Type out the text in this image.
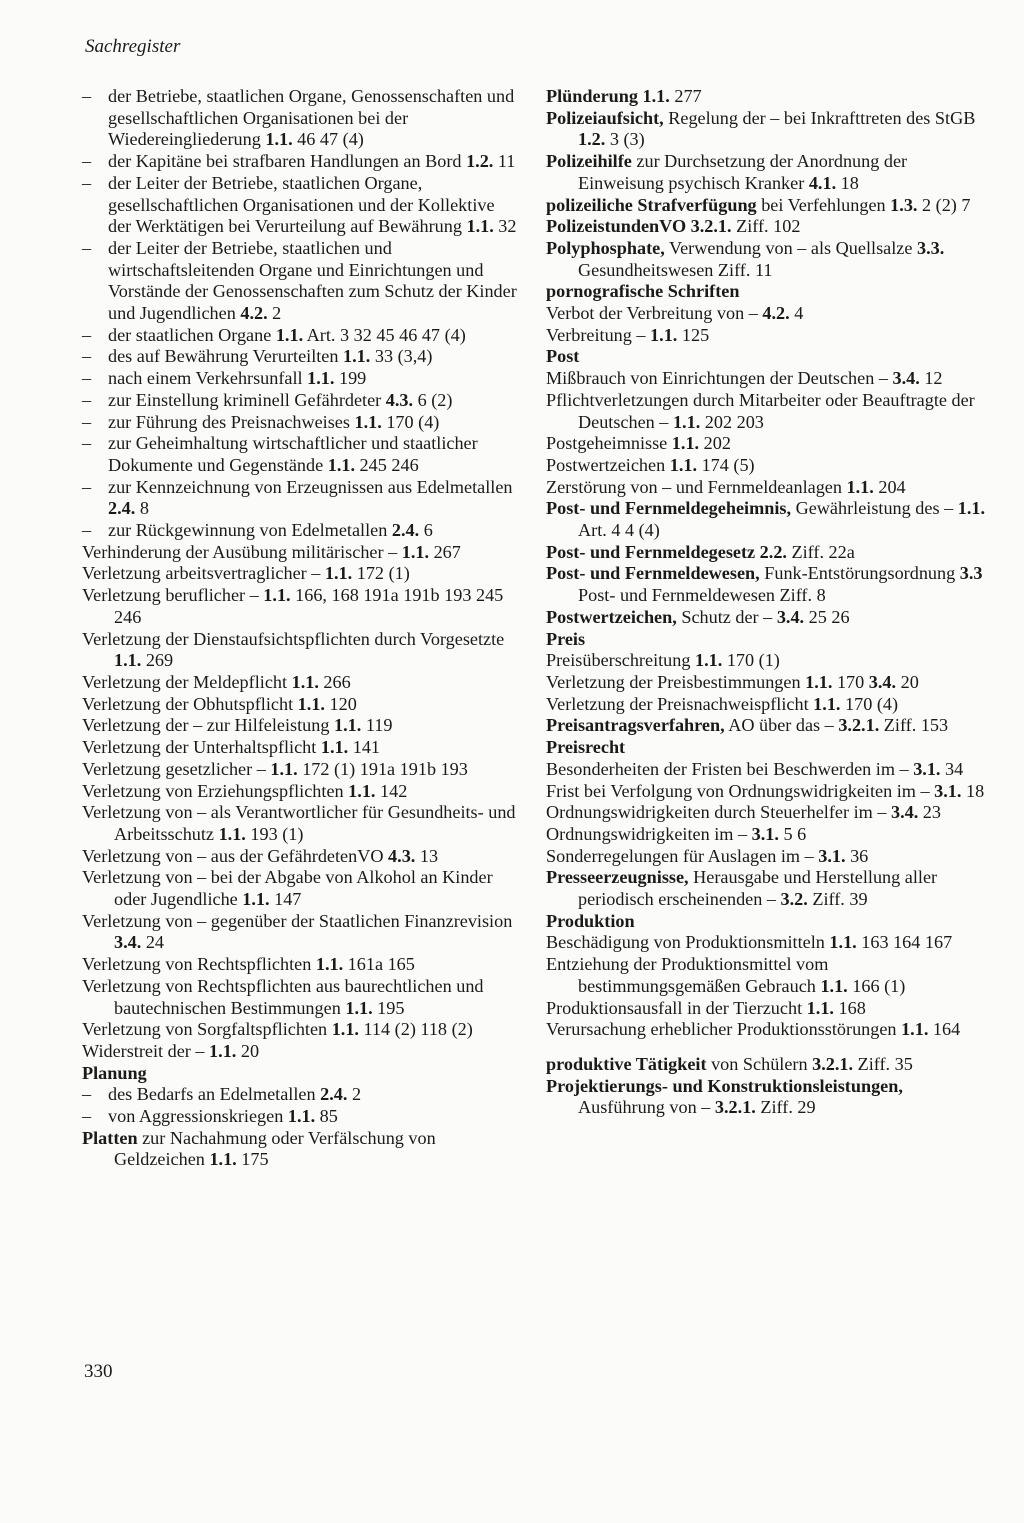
Sachregister
– der Betriebe, staatlichen Organe, Genossenschaften und gesellschaftlichen Organisationen bei der Wiedereingliederung 1.1. 46 47 (4)
– der Kapitäne bei strafbaren Handlungen an Bord 1.2. 11
– der Leiter der Betriebe, staatlichen Organe, gesellschaftlichen Organisationen und der Kollektive der Werktätigen bei Verurteilung auf Bewährung 1.1. 32
– der Leiter der Betriebe, staatlichen und wirtschaftsleitenden Organe und Einrichtungen und Vorstände der Genossenschaften zum Schutz der Kinder und Jugendlichen 4.2. 2
– der staatlichen Organe 1.1. Art. 3 32 45 46 47 (4)
– des auf Bewährung Verurteilten 1.1. 33 (3,4)
– nach einem Verkehrsunfall 1.1. 199
– zur Einstellung kriminell Gefährdeter 4.3. 6 (2)
– zur Führung des Preisnachweises 1.1. 170 (4)
– zur Geheimhaltung wirtschaftlicher und staatlicher Dokumente und Gegenstände 1.1. 245 246
– zur Kennzeichnung von Erzeugnissen aus Edelmetallen 2.4. 8
– zur Rückgewinnung von Edelmetallen 2.4. 6
Verhinderung der Ausübung militärischer – 1.1. 267
Verletzung arbeitsvertraglicher – 1.1. 172 (1)
Verletzung beruflicher – 1.1. 166, 168 191a 191b 193 245 246
Verletzung der Dienstaufsichtspflichten durch Vorgesetzte 1.1. 269
Verletzung der Meldepflicht 1.1. 266
Verletzung der Obhutspflicht 1.1. 120
Verletzung der – zur Hilfeleistung 1.1. 119
Verletzung der Unterhaltspflicht 1.1. 141
Verletzung gesetzlicher – 1.1. 172 (1) 191a 191b 193
Verletzung von Erziehungspflichten 1.1. 142
Verletzung von – als Verantwortlicher für Gesundheits- und Arbeitsschutz 1.1. 193 (1)
Verletzung von – aus der GefährdetenVO 4.3. 13
Verletzung von – bei der Abgabe von Alkohol an Kinder oder Jugendliche 1.1. 147
Verletzung von – gegenüber der Staatlichen Finanzrevision 3.4. 24
Verletzung von Rechtspflichten 1.1. 161a 165
Verletzung von Rechtspflichten aus baurechtlichen und bautechnischen Bestimmungen 1.1. 195
Verletzung von Sorgfaltspflichten 1.1. 114 (2) 118 (2)
Widerstreit der – 1.1. 20
Planung
– des Bedarfs an Edelmetallen 2.4. 2
– von Aggressionskriegen 1.1. 85
Platten zur Nachahmung oder Verfälschung von Geldzeichen 1.1. 175
Plünderung 1.1. 277
Polizeiaufsicht, Regelung der – bei Inkrafttreten des StGB 1.2. 3 (3)
Polizeihilfe zur Durchsetzung der Anordnung der Einweisung psychisch Kranker 4.1. 18
polizeiliche Strafverfügung bei Verfehlungen 1.3. 2 (2) 7
PolizeistundenVO 3.2.1. Ziff. 102
Polyphosphate, Verwendung von – als Quellsalze 3.3. Gesundheitswesen Ziff. 11
pornografische Schriften
Verbot der Verbreitung von – 4.2. 4
Verbreitung – 1.1. 125
Post
Mißbrauch von Einrichtungen der Deutschen – 3.4. 12
Pflichtverletzungen durch Mitarbeiter oder Beauftragte der Deutschen – 1.1. 202 203
Postgeheimnisse 1.1. 202
Postwertzeichen 1.1. 174 (5)
Zerstörung von – und Fernmeldeanlagen 1.1. 204
Post- und Fernmeldegeheimnis, Gewährleistung des – 1.1. Art. 4 4 (4)
Post- und Fernmeldegesetz 2.2. Ziff. 22a
Post- und Fernmeldewesen, Funk-Entstörungsordnung 3.3 Post- und Fernmeldewesen Ziff. 8
Postwertzeichen, Schutz der – 3.4. 25 26
Preis
Preisüberschreitung 1.1. 170 (1)
Verletzung der Preisbestimmungen 1.1. 170 3.4. 20
Verletzung der Preisnachweispflicht 1.1. 170 (4)
Preisantragsverfahren, AO über das – 3.2.1. Ziff. 153
Preisrecht
Besonderheiten der Fristen bei Beschwerden im – 3.1. 34
Frist bei Verfolgung von Ordnungswidrigkeiten im – 3.1. 18
Ordnungswidrigkeiten durch Steuerhelfer im – 3.4. 23
Ordnungswidrigkeiten im – 3.1. 5 6
Sonderregelungen für Auslagen im – 3.1. 36
Presseerzeugnisse, Herausgabe und Herstellung aller periodisch erscheinenden – 3.2. Ziff. 39
Produktion
Beschädigung von Produktionsmitteln 1.1. 163 164 167
Entziehung der Produktionsmittel vom bestimmungsgemäßen Gebrauch 1.1. 166 (1)
Produktionsausfall in der Tierzucht 1.1. 168
Verursachung erheblicher Produktionsstörungen 1.1. 164
produktive Tätigkeit von Schülern 3.2.1. Ziff. 35
Projektierungs- und Konstruktionsleistungen, Ausführung von – 3.2.1. Ziff. 29
330
